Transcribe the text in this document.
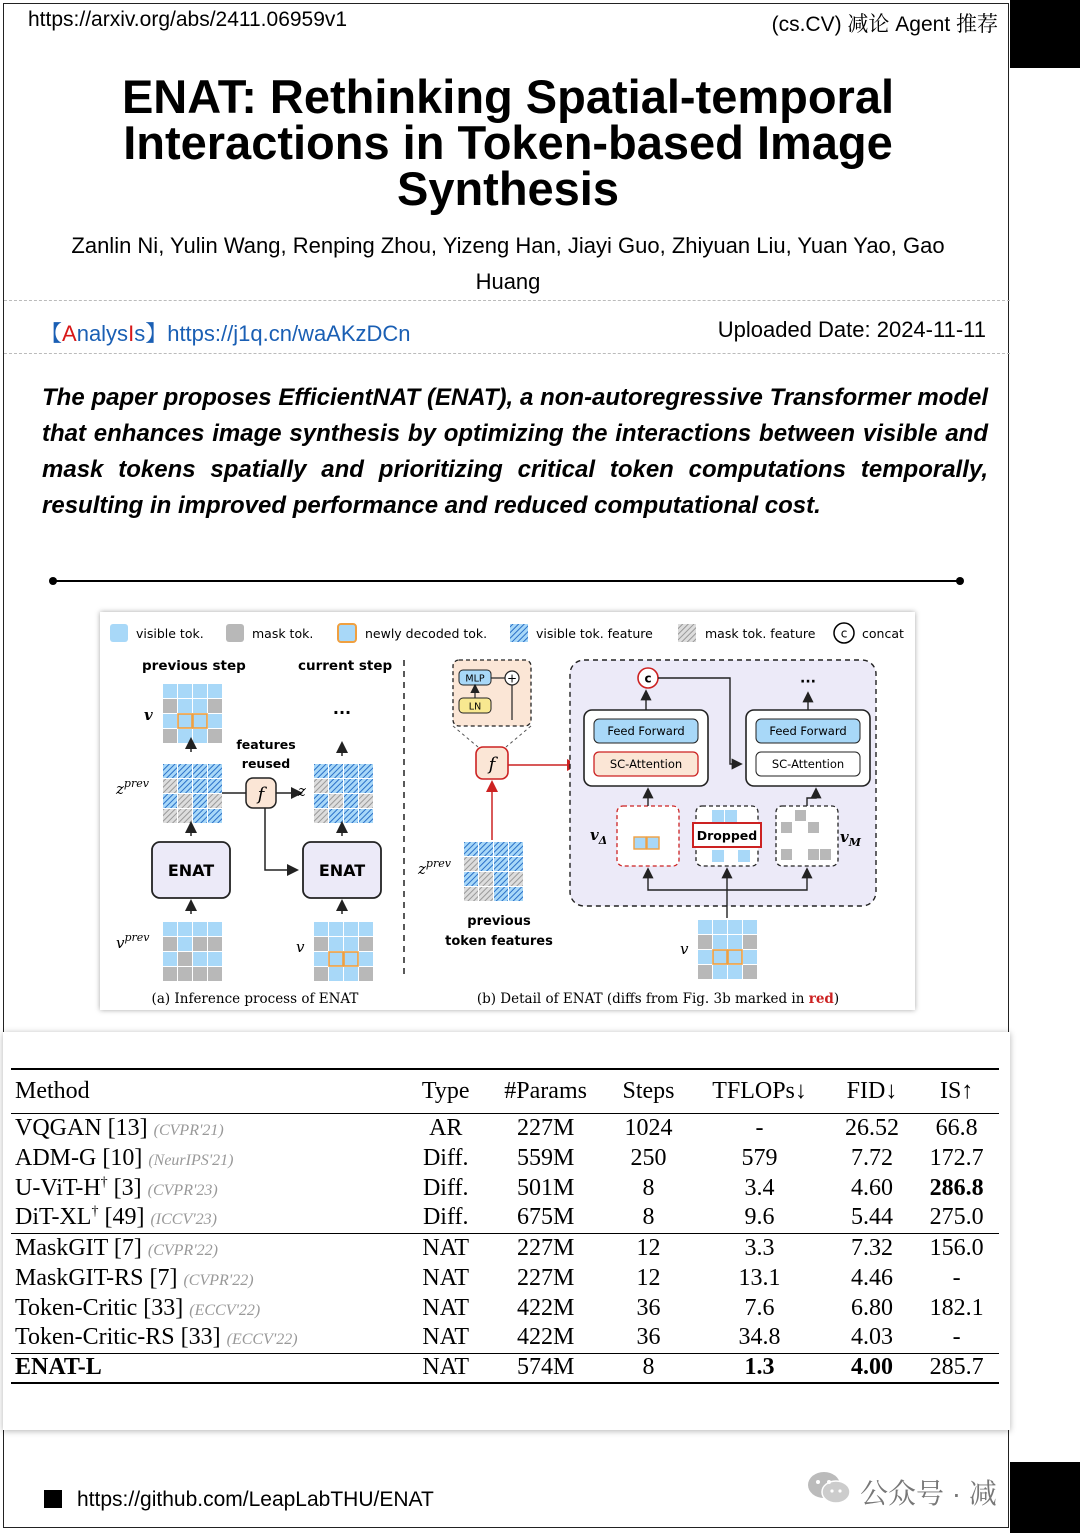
https://arxiv.org/abs/2411.06959v1	(cs.CV) 减论 Agent 推荐
ENAT: Rethinking Spatial-temporal
Interactions in Token-based Image
Synthesis
Zanlin Ni, Yulin Wang, Renping Zhou, Yizeng Han, Jiayi Guo, Zhiyuan Liu, Yuan Yao, Gao
Huang
【AnalysIs】https://j1q.cn/waAKzDCn	Uploaded Date: 2024-11-11
The paper proposes EfficientNAT (ENAT), a non-autoregressive Transformer model that enhances image synthesis by optimizing the interactions between visible and mask tokens spatially and prioritizing critical token computations temporally, resulting in improved performance and reduced computational cost.
visible tok.	mask tok.	newly decoded tok.	visible tok. feature	mask tok. feature c concat
previous step	current step
v
$z^{prev}$
ENAT
$v^{prev}$
features
reused
f
···
z
ENAT
v
MLP
LN
+
f
$z^{prev}$
previous
token features
c
Feed Forward
SC-Attention
Feed Forward
SC-Attention
···
$v_\Delta$	Dropped	$v_M$
v
(a) Inference process of ENAT	(b) Detail of ENAT (diffs from Fig. 3b marked in red)
Method	Type	#Params	Steps	TFLOPs↓	FID↓	IS↑
VQGAN [13] (CVPR'21)	AR	227M	1024	-	26.52	66.8
ADM-G [10] (NeurIPS'21)	Diff.	559M	250	579	7.72	172.7
U-ViT-H† [3] (CVPR'23)	Diff.	501M	8	3.4	4.60	286.8
DiT-XL† [49] (ICCV'23)	Diff.	675M	8	9.6	5.44	275.0
MaskGIT [7] (CVPR'22)	NAT	227M	12	3.3	7.32	156.0
MaskGIT-RS [7] (CVPR'22)	NAT	227M	12	13.1	4.46	-
Token-Critic [33] (ECCV'22)	NAT	422M	36	7.6	6.80	182.1
Token-Critic-RS [33] (ECCV'22)	NAT	422M	36	34.8	4.03	-
ENAT-L	NAT	574M	8	1.3	4.00	285.7
https://github.com/LeapLabTHU/ENAT	公众号 · 减
